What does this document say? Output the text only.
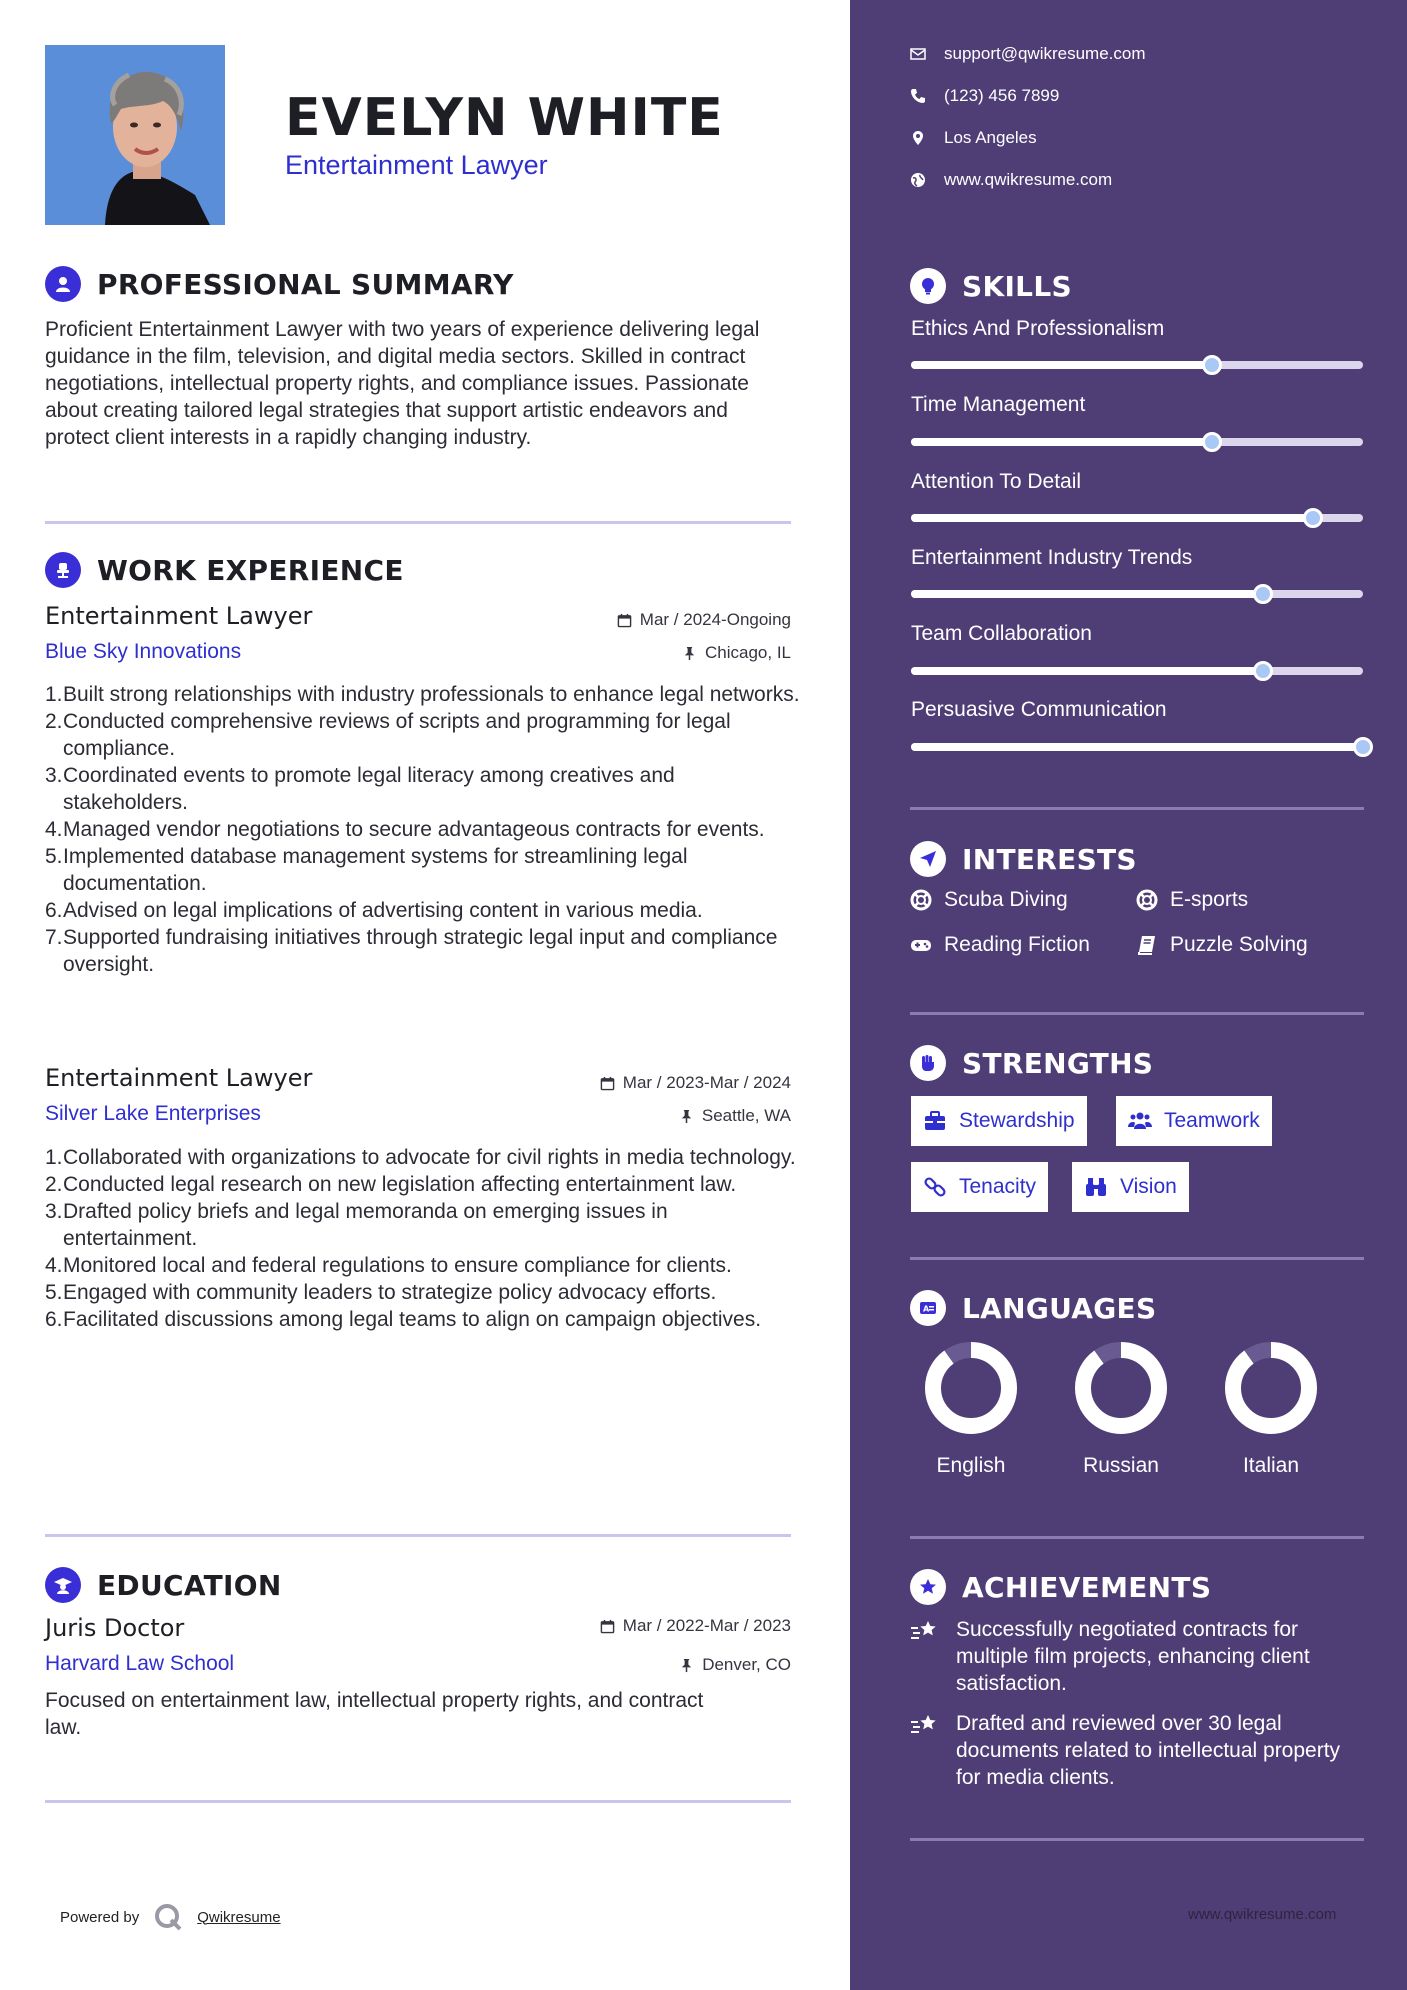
EVELYN WHITE
Entertainment Lawyer
PROFESSIONAL SUMMARY
Proficient Entertainment Lawyer with two years of experience delivering legal guidance in the film, television, and digital media sectors. Skilled in contract negotiations, intellectual property rights, and compliance issues. Passionate about creating tailored legal strategies that support artistic endeavors and protect client interests in a rapidly changing industry.
WORK EXPERIENCE
Entertainment Lawyer
Blue Sky Innovations
Mar / 2024-Ongoing
Chicago, IL
1. Built strong relationships with industry professionals to enhance legal networks.
2. Conducted comprehensive reviews of scripts and programming for legal compliance.
3. Coordinated events to promote legal literacy among creatives and stakeholders.
4. Managed vendor negotiations to secure advantageous contracts for events.
5. Implemented database management systems for streamlining legal documentation.
6. Advised on legal implications of advertising content in various media.
7. Supported fundraising initiatives through strategic legal input and compliance oversight.
Entertainment Lawyer
Silver Lake Enterprises
Mar / 2023-Mar / 2024
Seattle, WA
1. Collaborated with organizations to advocate for civil rights in media technology.
2. Conducted legal research on new legislation affecting entertainment law.
3. Drafted policy briefs and legal memoranda on emerging issues in entertainment.
4. Monitored local and federal regulations to ensure compliance for clients.
5. Engaged with community leaders to strategize policy advocacy efforts.
6. Facilitated discussions among legal teams to align on campaign objectives.
EDUCATION
Juris Doctor
Harvard Law School
Mar / 2022-Mar / 2023
Denver, CO
Focused on entertainment law, intellectual property rights, and contract law.
Powered by	Qwikresume
support@qwikresume.com
(123) 456 7899
Los Angeles
www.qwikresume.com
SKILLS
Ethics And Professionalism
Time Management
Attention To Detail
Entertainment Industry Trends
Team Collaboration
Persuasive Communication
INTERESTS
Scuba Diving	E-sports
Reading Fiction	Puzzle Solving
STRENGTHS
Stewardship	Teamwork
Tenacity	Vision
A LANGUAGES
English	Russian	Italian
ACHIEVEMENTS
Successfully negotiated contracts for multiple film projects, enhancing client satisfaction.
Drafted and reviewed over 30 legal documents related to intellectual property for media clients.
www.qwikresume.com
